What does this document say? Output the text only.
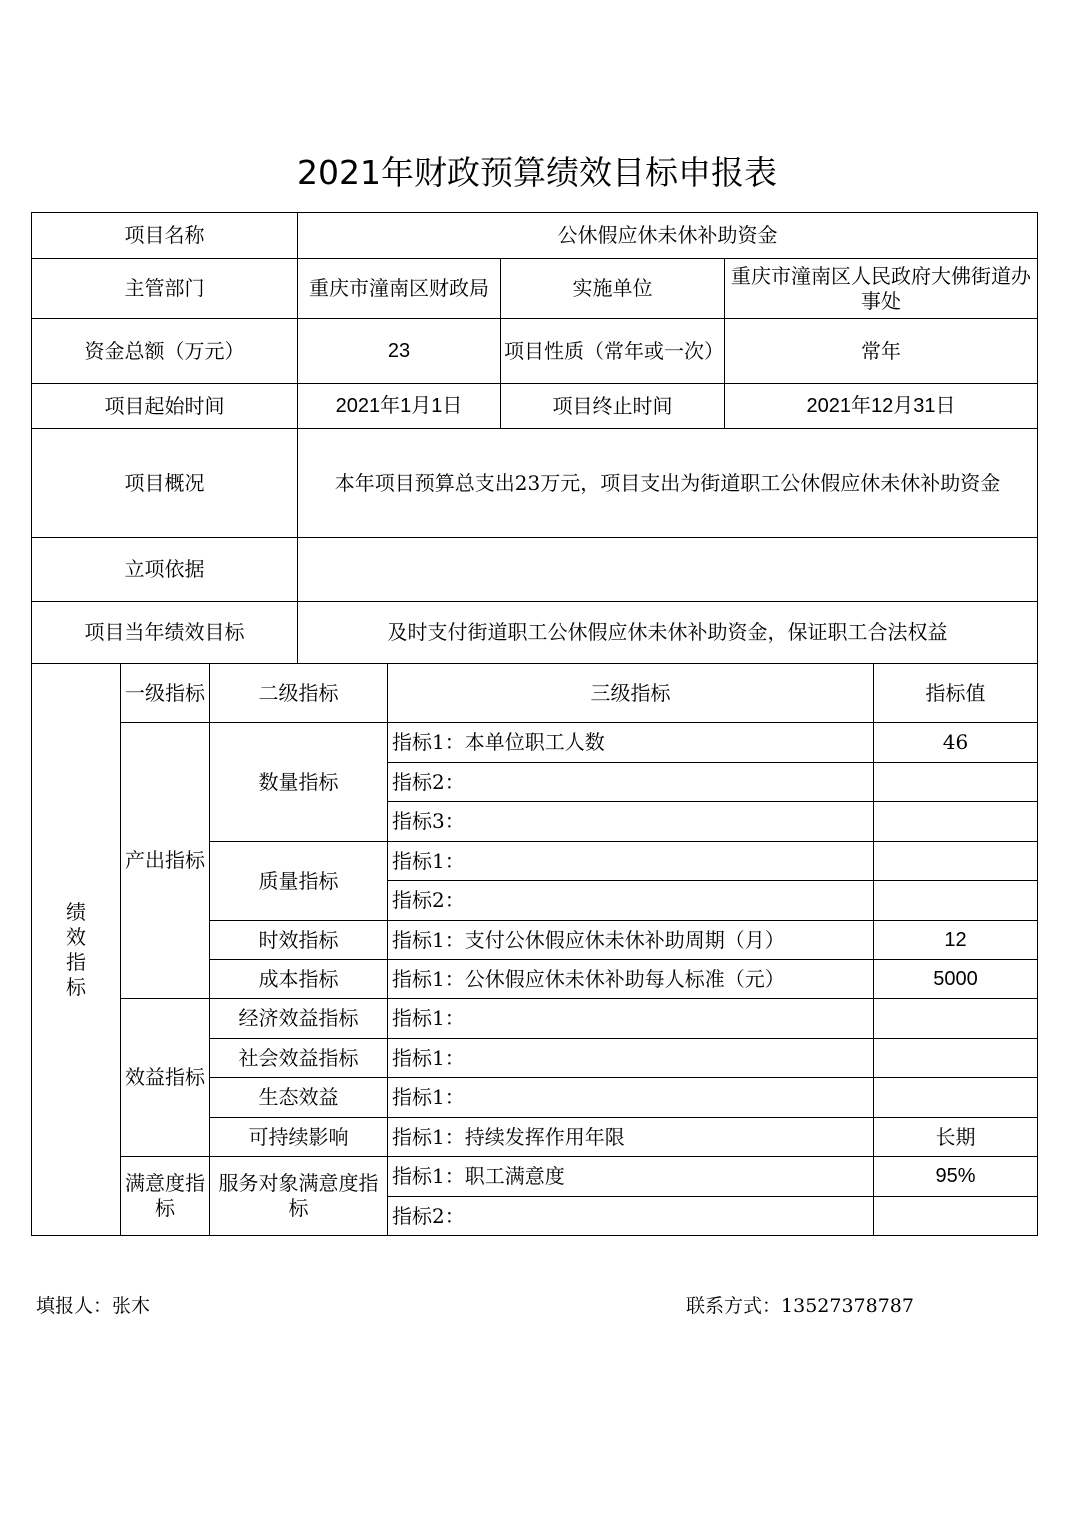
2021年财政预算绩效目标申报表
项目名称			公休假应休未休补助资金				
主管部门			重庆市潼南区财政局		实施单位	重庆市潼南区人民政府大佛街道办事处	
资金总额（万元）			23		项目性质（常年或一次）	常年	
项目起始时间			2021年1月1日		项目终止时间	2021年12月31日	
项目概况			本年项目预算总支出23万元，项目支出为街道职工公休假应休未休补助资金				
立项依据							
项目当年绩效目标			及时支付街道职工公休假应休未休补助资金，保证职工合法权益				
绩
效
指
标	一级指标	二级指标		三级指标			指标值
	产出指标	数量指标		指标1：本单位职工人数			46
				指标2：			
				指标3：			
		质量指标		指标1：			
				指标2：			
		时效指标		指标1：支付公休假应休未休补助周期（月）			12
		成本指标		指标1：公休假应休未休补助每人标准（元）			5000
	效益指标	经济效益指标		指标1：			
		社会效益指标		指标1：			
		生态效益		指标1：			
		可持续影响		指标1：持续发挥作用年限			长期
	满意度指标	服务对象满意度指标		指标1：职工满意度			95%
				指标2：			
填报人：张木	联系方式：13527378787
